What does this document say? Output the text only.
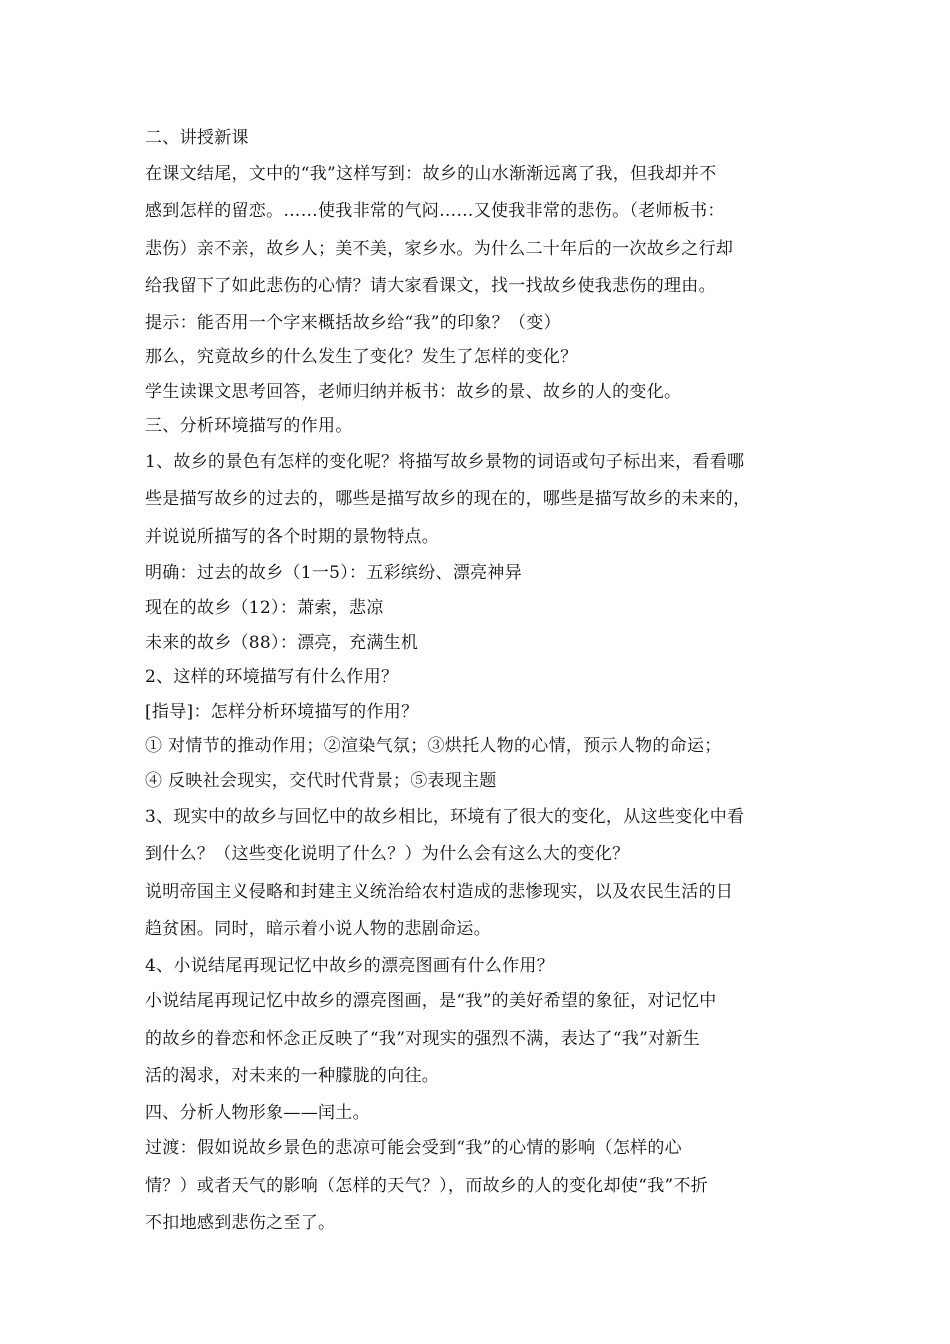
二、讲授新课
在课文结尾，文中的“我”这样写到：故乡的山水渐渐远离了我，但我却并不
感到怎样的留恋。……使我非常的气闷……又使我非常的悲伤。（老师板书：
悲伤）亲不亲，故乡人；美不美，家乡水。为什么二十年后的一次故乡之行却
给我留下了如此悲伤的心情？请大家看课文，找一找故乡使我悲伤的理由。
提示：能否用一个字来概括故乡给“我”的印象？（变）
那么，究竟故乡的什么发生了变化？发生了怎样的变化？
学生读课文思考回答，老师归纳并板书：故乡的景、故乡的人的变化。
三、分析环境描写的作用。
1、故乡的景色有怎样的变化呢？将描写故乡景物的词语或句子标出来，看看哪
些是描写故乡的过去的，哪些是描写故乡的现在的，哪些是描写故乡的未来的，
并说说所描写的各个时期的景物特点。
明确：过去的故乡（1一5）：五彩缤纷、漂亮神异
现在的故乡（12）：萧索，悲凉
未来的故乡（88）：漂亮，充满生机
2、这样的环境描写有什么作用？
[指导]：怎样分析环境描写的作用？
① 对情节的推动作用；②渲染气氛；③烘托人物的心情，预示人物的命运；
④ 反映社会现实，交代时代背景；⑤表现主题
3、现实中的故乡与回忆中的故乡相比，环境有了很大的变化，从这些变化中看
到什么？（这些变化说明了什么？）为什么会有这么大的变化？
说明帝国主义侵略和封建主义统治给农村造成的悲惨现实，以及农民生活的日
趋贫困。同时，暗示着小说人物的悲剧命运。
4、小说结尾再现记忆中故乡的漂亮图画有什么作用？
小说结尾再现记忆中故乡的漂亮图画，是“我”的美好希望的象征，对记忆中
的故乡的眷恋和怀念正反映了“我”对现实的强烈不满，表达了“我”对新生
活的渴求，对未来的一种朦胧的向往。
四、分析人物形象——闰土。
过渡：假如说故乡景色的悲凉可能会受到“我”的心情的影响（怎样的心
情？）或者天气的影响（怎样的天气？），而故乡的人的变化却使“我”不折
不扣地感到悲伤之至了。
